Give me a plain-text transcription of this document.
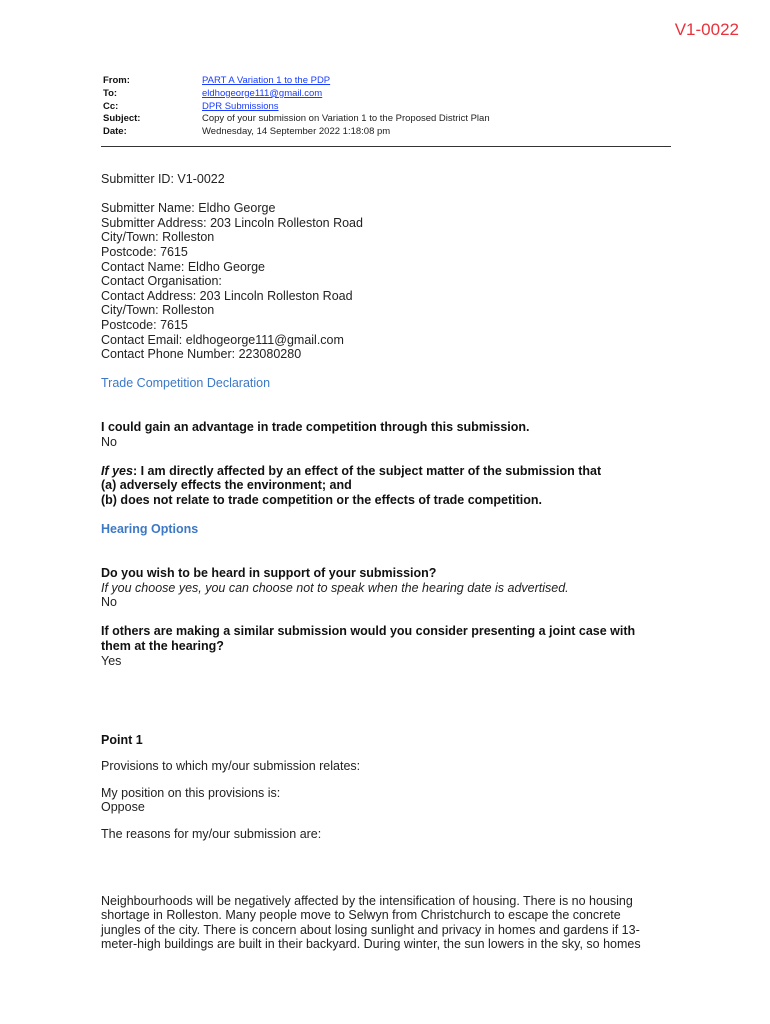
V1-0022
From:	PART A Variation 1 to the PDP
To:	eldhogeorge111@gmail.com
Cc:	DPR Submissions
Subject:	Copy of your submission on Variation 1 to the Proposed District Plan
Date:	Wednesday, 14 September 2022 1:18:08 pm
Submitter ID: V1-0022
Submitter Name: Eldho George
Submitter Address: 203 Lincoln Rolleston Road
City/Town: Rolleston
Postcode: 7615
Contact Name: Eldho George
Contact Organisation:
Contact Address: 203 Lincoln Rolleston Road
City/Town: Rolleston
Postcode: 7615
Contact Email: eldhogeorge111@gmail.com
Contact Phone Number: 223080280
Trade Competition Declaration
I could gain an advantage in trade competition through this submission.
No
If yes: I am directly affected by an effect of the subject matter of the submission that
(a) adversely effects the environment; and
(b) does not relate to trade competition or the effects of trade competition.
Hearing Options
Do you wish to be heard in support of your submission?
If you choose yes, you can choose not to speak when the hearing date is advertised.
No
If others are making a similar submission would you consider presenting a joint case with
them at the hearing?
Yes
Point 1
Provisions to which my/our submission relates:
My position on this provisions is:
Oppose
The reasons for my/our submission are:
Neighbourhoods will be negatively affected by the intensification of housing. There is no housing
shortage in Rolleston. Many people move to Selwyn from Christchurch to escape the concrete
jungles of the city. There is concern about losing sunlight and privacy in homes and gardens if 13-
meter-high buildings are built in their backyard. During winter, the sun lowers in the sky, so homes
